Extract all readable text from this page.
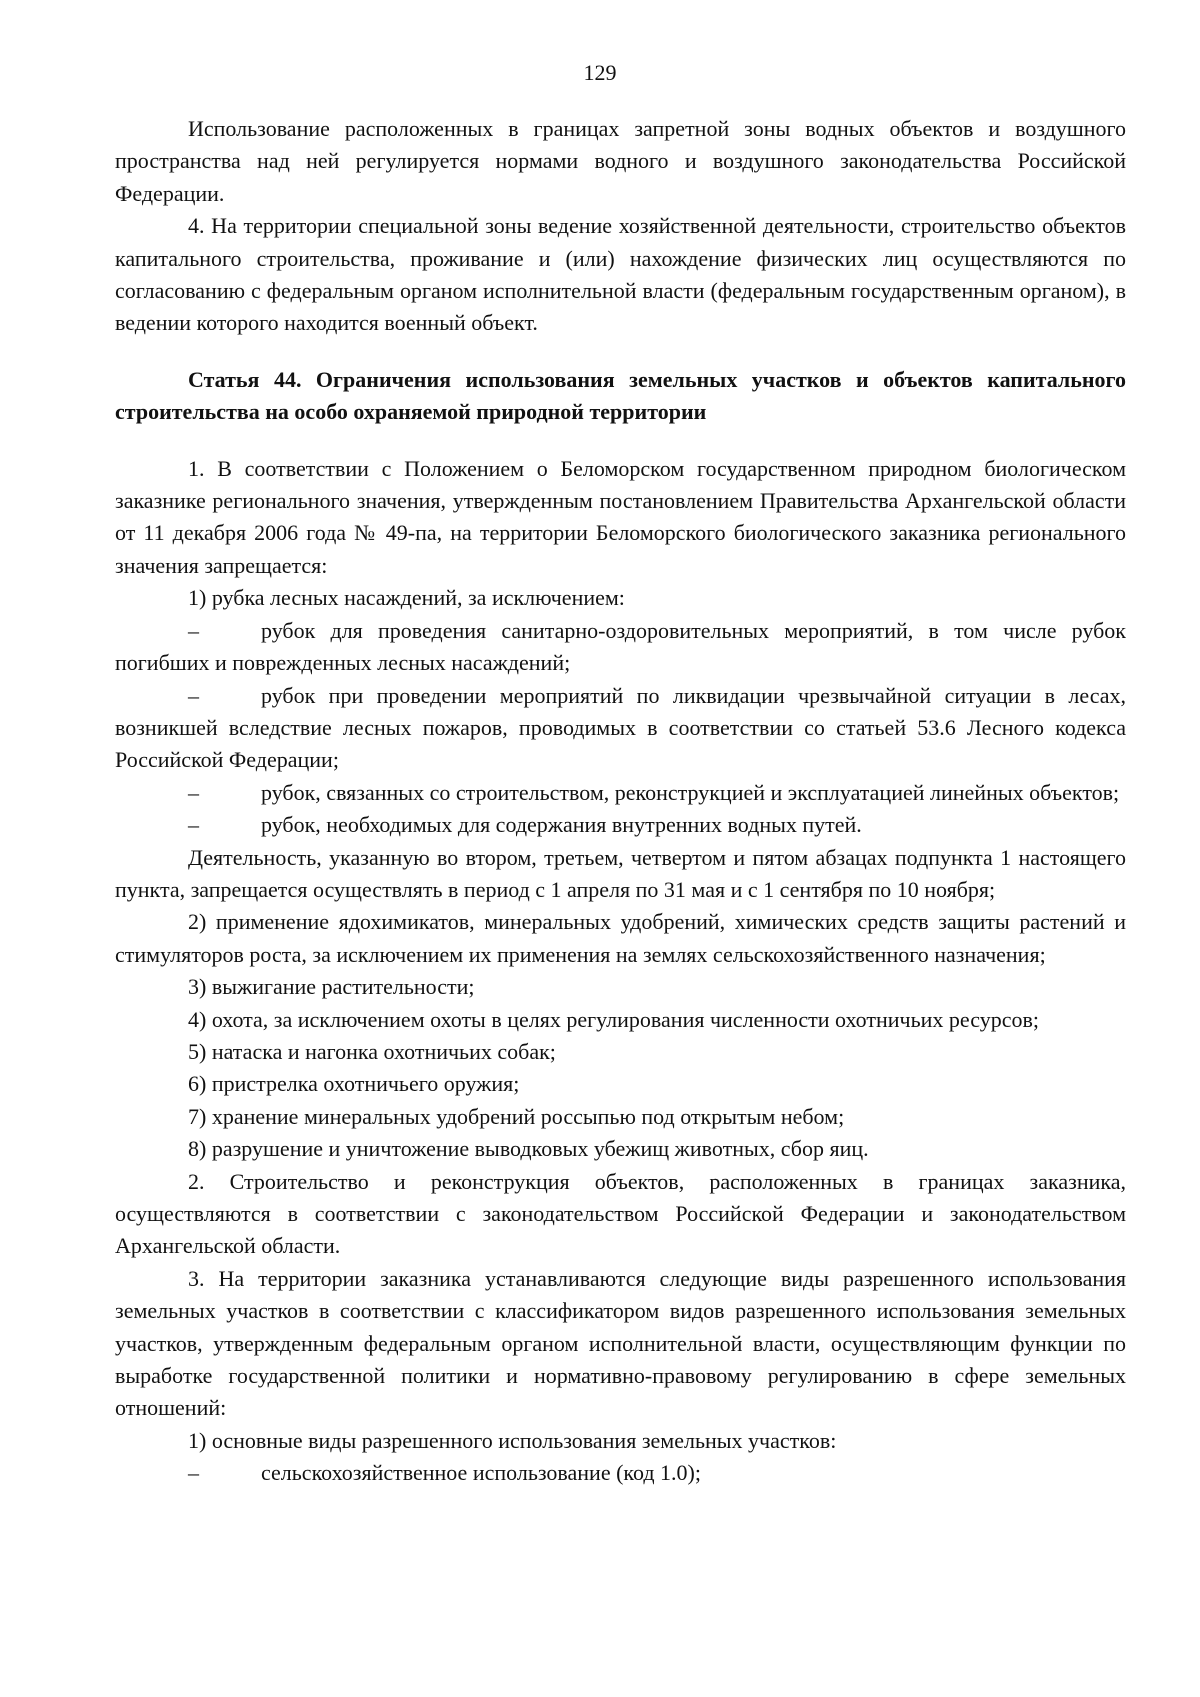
129

Использование расположенных в границах запретной зоны водных объектов и воздушного пространства над ней регулируется нормами водного и воздушного законодательства Российской Федерации.

4. На территории специальной зоны ведение хозяйственной деятельности, строительство объектов капитального строительства, проживание и (или) нахождение физических лиц осуществляются по согласованию с федеральным органом исполнительной власти (федеральным государственным органом), в ведении которого находится военный объект.

Статья 44. Ограничения использования земельных участков и объектов капитального строительства на особо охраняемой природной территории

1. В соответствии с Положением о Беломорском государственном природном биологическом заказнике регионального значения, утвержденным постановлением Правительства Архангельской области от 11 декабря 2006 года № 49-па, на территории Беломорского биологического заказника регионального значения запрещается:

1) рубка лесных насаждений, за исключением:

–	рубок для проведения санитарно-оздоровительных мероприятий, в том числе рубок погибших и поврежденных лесных насаждений;

–	рубок при проведении мероприятий по ликвидации чрезвычайной ситуации в лесах, возникшей вследствие лесных пожаров, проводимых в соответствии со статьей 53.6 Лесного кодекса Российской Федерации;

–	рубок, связанных со строительством, реконструкцией и эксплуатацией линейных объектов;

–	рубок, необходимых для содержания внутренних водных путей.

Деятельность, указанную во втором, третьем, четвертом и пятом абзацах подпункта 1 настоящего пункта, запрещается осуществлять в период с 1 апреля по 31 мая и с 1 сентября по 10 ноября;

2) применение ядохимикатов, минеральных удобрений, химических средств защиты растений и стимуляторов роста, за исключением их применения на землях сельскохозяйственного назначения;

3) выжигание растительности;

4) охота, за исключением охоты в целях регулирования численности охотничьих ресурсов;

5) натаска и нагонка охотничьих собак;

6) пристрелка охотничьего оружия;

7) хранение минеральных удобрений россыпью под открытым небом;

8) разрушение и уничтожение выводковых убежищ животных, сбор яиц.

2. Строительство и реконструкция объектов, расположенных в границах заказника, осуществляются в соответствии с законодательством Российской Федерации и законодательством Архангельской области.

3. На территории заказника устанавливаются следующие виды разрешенного использования земельных участков в соответствии с классификатором видов разрешенного использования земельных участков, утвержденным федеральным органом исполнительной власти, осуществляющим функции по выработке государственной политики и нормативно-правовому регулированию в сфере земельных отношений:

1) основные виды разрешенного использования земельных участков:

–	сельскохозяйственное использование (код 1.0);
